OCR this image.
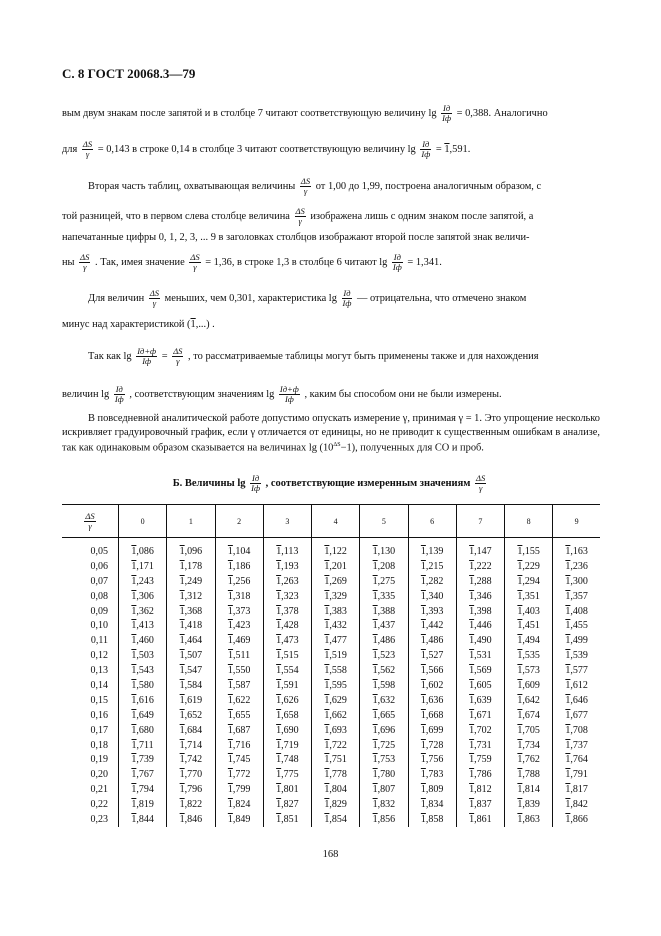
С. 8 ГОСТ 20068.3—79
вым двум знакам после запятой и в столбце 7 читают соответствующую величину $\lg \frac{Iд}{Iф} = 0,388$. Аналогично
для $\frac{\Delta S}{\gamma} = 0,143$ в строке 0,14 в столбце 3 читают соответствующую величину $\lg \frac{Iд}{Iф} = 1,591$.
Вторая часть таблиц, охватывающая величины $\frac{\Delta S}{\gamma}$ от 1,00 до 1,99, построена аналогичным образом, с
той разницей, что в первом слева столбце величина $\frac{\Delta S}{\gamma}$ изображена лишь с одним знаком после запятой, а
напечатанные цифры 0, 1, 2, 3, ... 9 в заголовках столбцов изображают второй после запятой знак величи-
ны $\frac{\Delta S}{\gamma}$ . Так, имея значение $\frac{\Delta S}{\gamma} = 1,36$, в строке 1,3 в столбце 6 читают $\lg \frac{Iд}{Iф} = 1,341$.
Для величин $\frac{\Delta S}{\gamma}$ меньших, чем 0,301, характеристика $\lg \frac{Iд}{Iф}$ — отрицательна, что отмечено знаком
минус над характеристикой (1,...) .
Так как $\lg \frac{Iд+ф}{Iф} = \frac{\Delta S}{\gamma}$ , то рассматриваемые таблицы могут быть применены также и для нахождения
величин $\lg \frac{Iд}{Iф}$ , соответствующим значениям $\lg \frac{Iд+ф}{Iф}$ , каким бы способом они не были измерены.
В повседневной аналитической работе допустимо опускать измерение γ, принимая γ = 1. Это упрощение несколько искривляет градуировочный график, если γ отличается от единицы, но не приводит к существенным ошибкам в анализе, так как одинаковым образом сказывается на величинах $\lg (10^{\Delta S}-1)$, полученных для СО и проб.
Б. Величины $\lg \frac{Iд}{Iф}$ , соответствующие измеренным значениям $\frac{\Delta S}{\gamma}$
$\frac{\Delta S}{\gamma}$	0	1	2	3	4	5	6	7	8	9
0,05	1,086	1,096	1,104	1,113	1,122	1,130	1,139	1,147	1,155	1,163
0,06	1,171	1,178	1,186	1,193	1,201	1,208	1,215	1,222	1,229	1,236
0,07	1,243	1,249	1,256	1,263	1,269	1,275	1,282	1,288	1,294	1,300
0,08	1,306	1,312	1,318	1,323	1,329	1,335	1,340	1,346	1,351	1,357
0,09	1,362	1,368	1,373	1,378	1,383	1,388	1,393	1,398	1,403	1,408
0,10	1,413	1,418	1,423	1,428	1,432	1,437	1,442	1,446	1,451	1,455
0,11	1,460	1,464	1,469	1,473	1,477	1,486	1,486	1,490	1,494	1,499
0,12	1,503	1,507	1,511	1,515	1,519	1,523	1,527	1,531	1,535	1,539
0,13	1,543	1,547	1,550	1,554	1,558	1,562	1,566	1,569	1,573	1,577
0,14	1,580	1,584	1,587	1,591	1,595	1,598	1,602	1,605	1,609	1,612
0,15	1,616	1,619	1,622	1,626	1,629	1,632	1,636	1,639	1,642	1,646
0,16	1,649	1,652	1,655	1,658	1,662	1,665	1,668	1,671	1,674	1,677
0,17	1,680	1,684	1,687	1,690	1,693	1,696	1,699	1,702	1,705	1,708
0,18	1,711	1,714	1,716	1,719	1,722	1,725	1,728	1,731	1,734	1,737
0,19	1,739	1,742	1,745	1,748	1,751	1,753	1,756	1,759	1,762	1,764
0,20	1,767	1,770	1,772	1,775	1,778	1,780	1,783	1,786	1,788	1,791
0,21	1,794	1,796	1,799	1,801	1,804	1,807	1,809	1,812	1,814	1,817
0,22	1,819	1,822	1,824	1,827	1,829	1,832	1,834	1,837	1,839	1,842
0,23	1,844	1,846	1,849	1,851	1,854	1,856	1,858	1,861	1,863	1,866
168
